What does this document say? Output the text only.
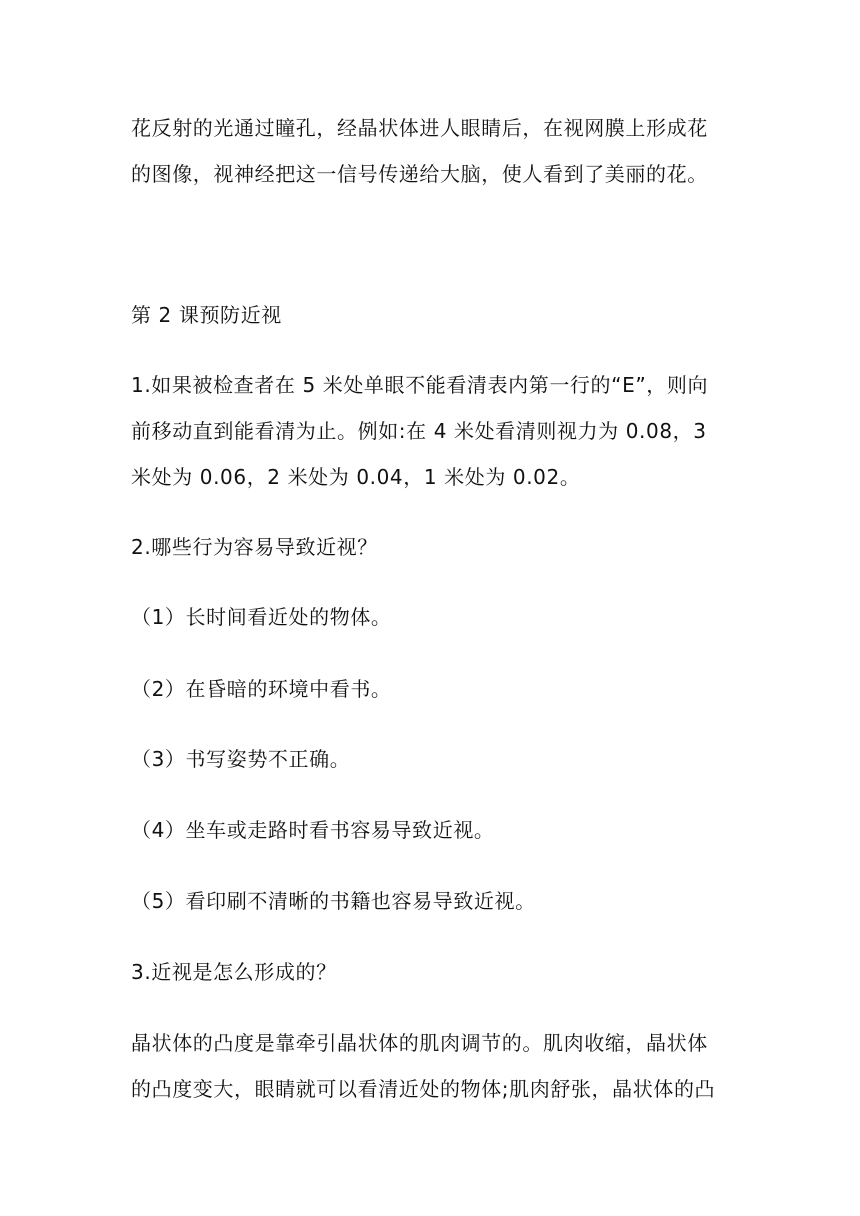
花反射的光通过瞳孔，经晶状体进人眼睛后，在视网膜上形成花
的图像，视神经把这一信号传递给大脑，使人看到了美丽的花。
第 2 课预防近视
1.如果被检查者在 5 米处单眼不能看清表内第一行的“E”，则向
前移动直到能看清为止。例如:在 4 米处看清则视力为 0.08，3
米处为 0.06，2 米处为 0.04，1 米处为 0.02。
2.哪些行为容易导致近视？
（1）长时间看近处的物体。
（2）在昏暗的环境中看书。
（3）书写姿势不正确。
（4）坐车或走路时看书容易导致近视。
（5）看印刷不清晰的书籍也容易导致近视。
3.近视是怎么形成的？
晶状体的凸度是靠牵引晶状体的肌肉调节的。肌肉收缩，晶状体
的凸度变大，眼睛就可以看清近处的物体;肌肉舒张，晶状体的凸
